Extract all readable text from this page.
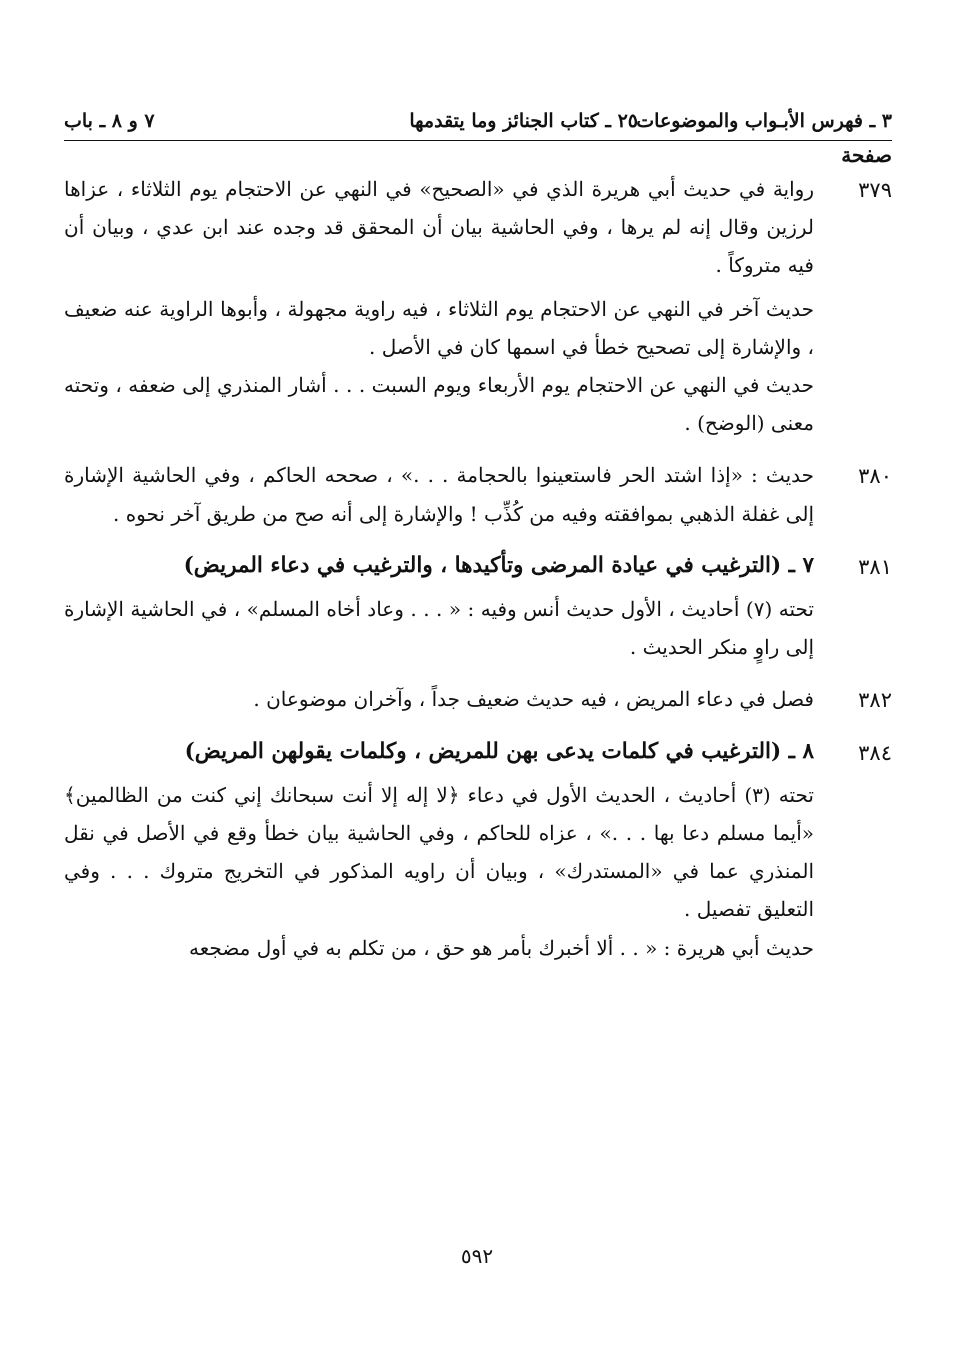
٣ ـ فهرس الأبـواب والموضوعات
٢٥ ـ كتاب الجنائز وما يتقدمها
٧ و ٨ ـ باب
صفحة
٣٧٩

رواية في حديث أبي هريرة الذي في «الصحيح» في النهي عن الاحتجام يوم الثلاثاء ، عزاها لرزين وقال إنه لم يرها ، وفي الحاشية بيان أن المحقق قد وجده عند ابن عدي ، وبيان أن فيه متروكاً .

حديث آخر في النهي عن الاحتجام يوم الثلاثاء ، فيه راوية مجهولة ، وأبوها الراوية عنه ضعيف ، والإشارة إلى تصحيح خطأ في اسمها كان في الأصل .

حديث في النهي عن الاحتجام يوم الأربعاء ويوم السبت . . . أشار المنذري إلى ضعفه ، وتحته معنى (الوضح) .

٣٨٠

حديث : «إذا اشتد الحر فاستعينوا بالحجامة . . .» ، صححه الحاكم ، وفي الحاشية الإشارة إلى غفلة الذهبي بموافقته وفيه من كُذِّب ! والإشارة إلى أنه صح من طريق آخر نحوه .

٣٨١

٧ ـ (الترغيب في عيادة المرضى وتأكيدها ، والترغيب في دعاء المريض)

تحته (٧) أحاديث ، الأول حديث أنس وفيه : « . . . وعاد أخاه المسلم» ، في الحاشية الإشارة إلى راوٍ منكر الحديث .

٣٨٢

فصل في دعاء المريض ، فيه حديث ضعيف جداً ، وآخران موضوعان .

٣٨٤

٨ ـ (الترغيب في كلمات يدعى بهن للمريض ، وكلمات يقولهن المريض)

تحته (٣) أحاديث ، الحديث الأول في دعاء ﴿لا إله إلا أنت سبحانك إني كنت من الظالمين﴾ «أيما مسلم دعا بها . . .» ، عزاه للحاكم ، وفي الحاشية بيان خطأ وقع في الأصل في نقل المنذري عما في «المستدرك» ، وبيان أن راويه المذكور في التخريج متروك . . . وفي التعليق تفصيل .

حديث أبي هريرة : « . . ألا أخبرك بأمر هو حق ، من تكلم به في أول مضجعه

٥٩٢
